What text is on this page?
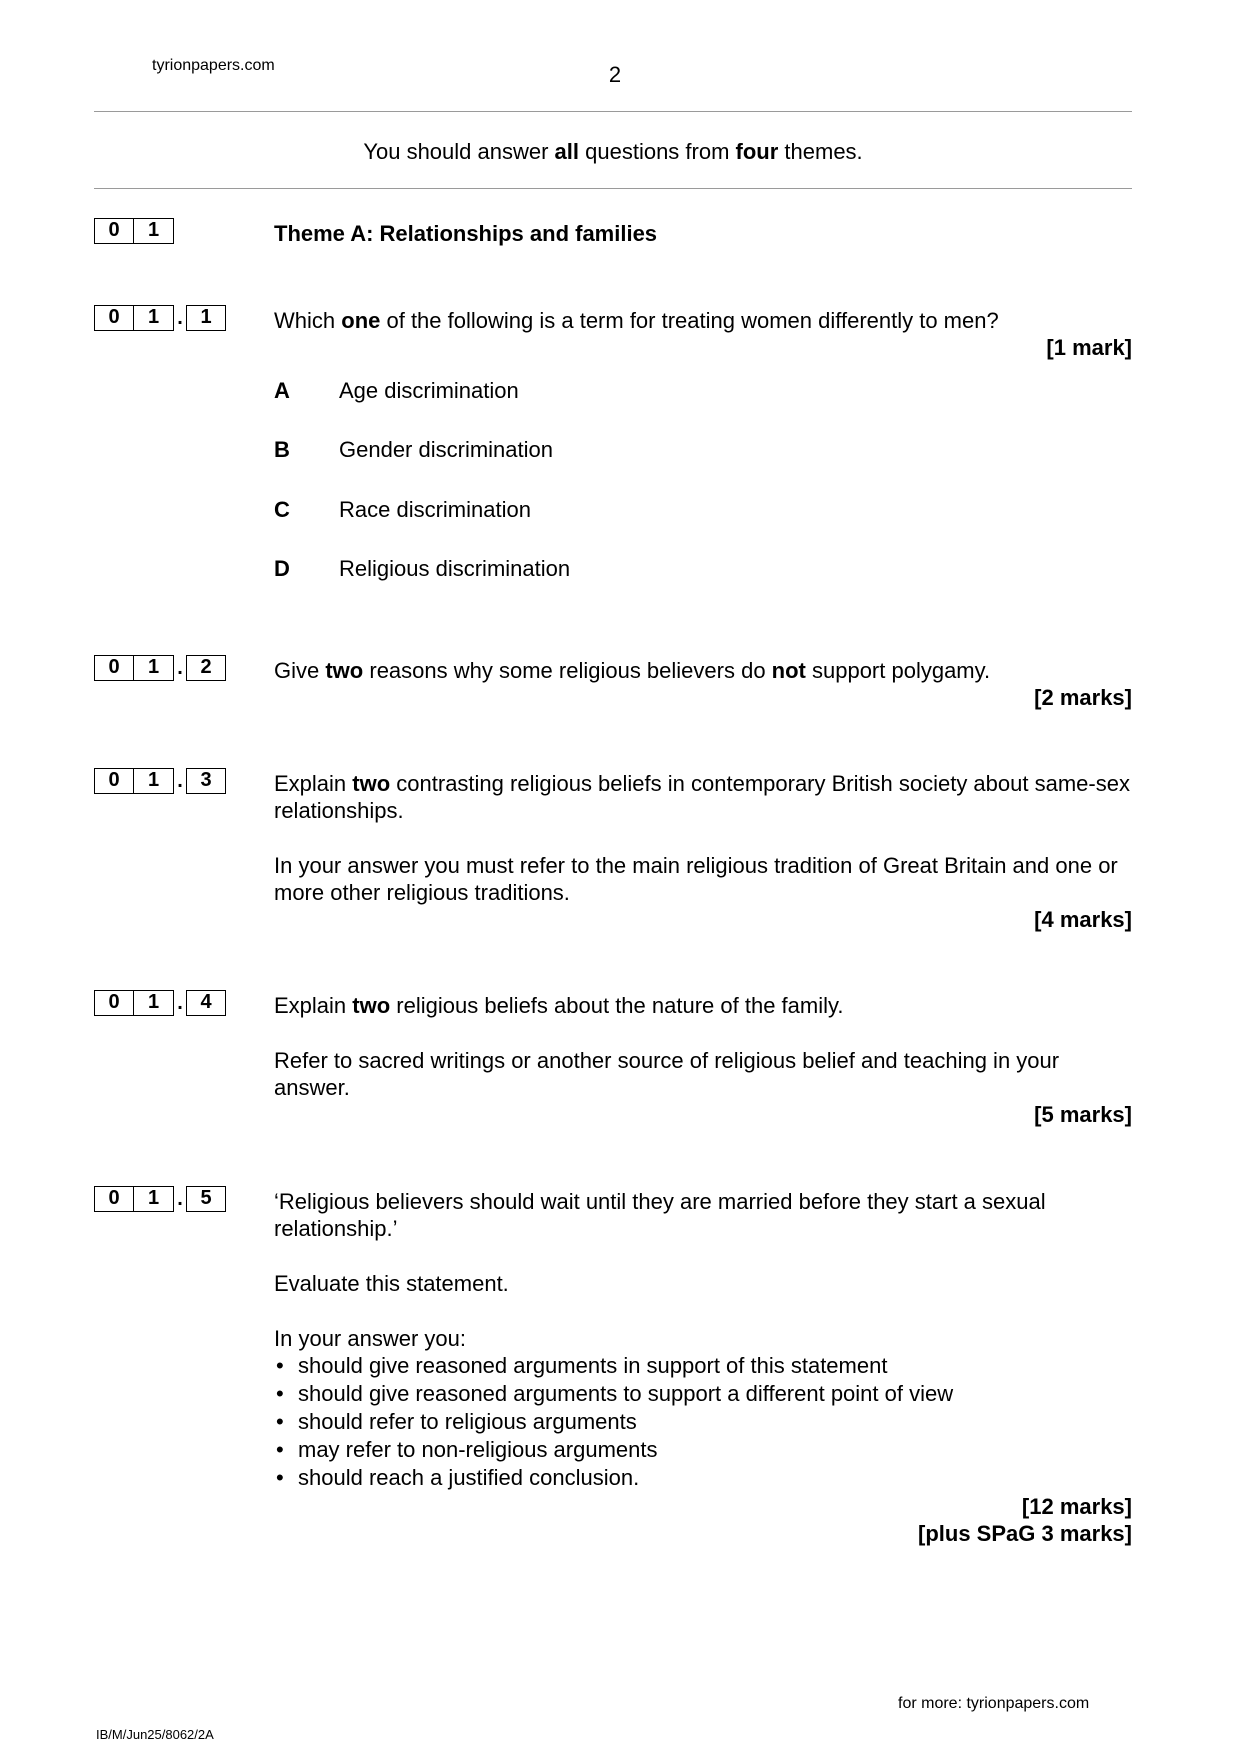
tyrionpapers.com	2
You should answer all questions from four themes.
0	1	Theme A: Relationships and families
0	1 . 1	Which one of the following is a term for treating women differently to men?

[1 mark]
A	Age discrimination
B	Gender discrimination
C	Race discrimination
D	Religious discrimination
0	1 . 2	Give two reasons why some religious believers do not support polygamy.

[2 marks]
0	1 . 3	Explain two contrasting religious beliefs in contemporary British society about same-sex relationships.

In your answer you must refer to the main religious tradition of Great Britain and one or more other religious traditions.

[4 marks]
0	1 . 4	Explain two religious beliefs about the nature of the family.

Refer to sacred writings or another source of religious belief and teaching in your answer.

[5 marks]
0	1 . 5	‘Religious believers should wait until they are married before they start a sexual relationship.’

Evaluate this statement.

In your answer you:

• should give reasoned arguments in support of this statement
• should give reasoned arguments to support a different point of view
• should refer to religious arguments
• may refer to non-religious arguments
• should reach a justified conclusion.
[12 marks]
[plus SPaG 3 marks]
for more: tyrionpapers.com
IB/M/Jun25/8062/2A
